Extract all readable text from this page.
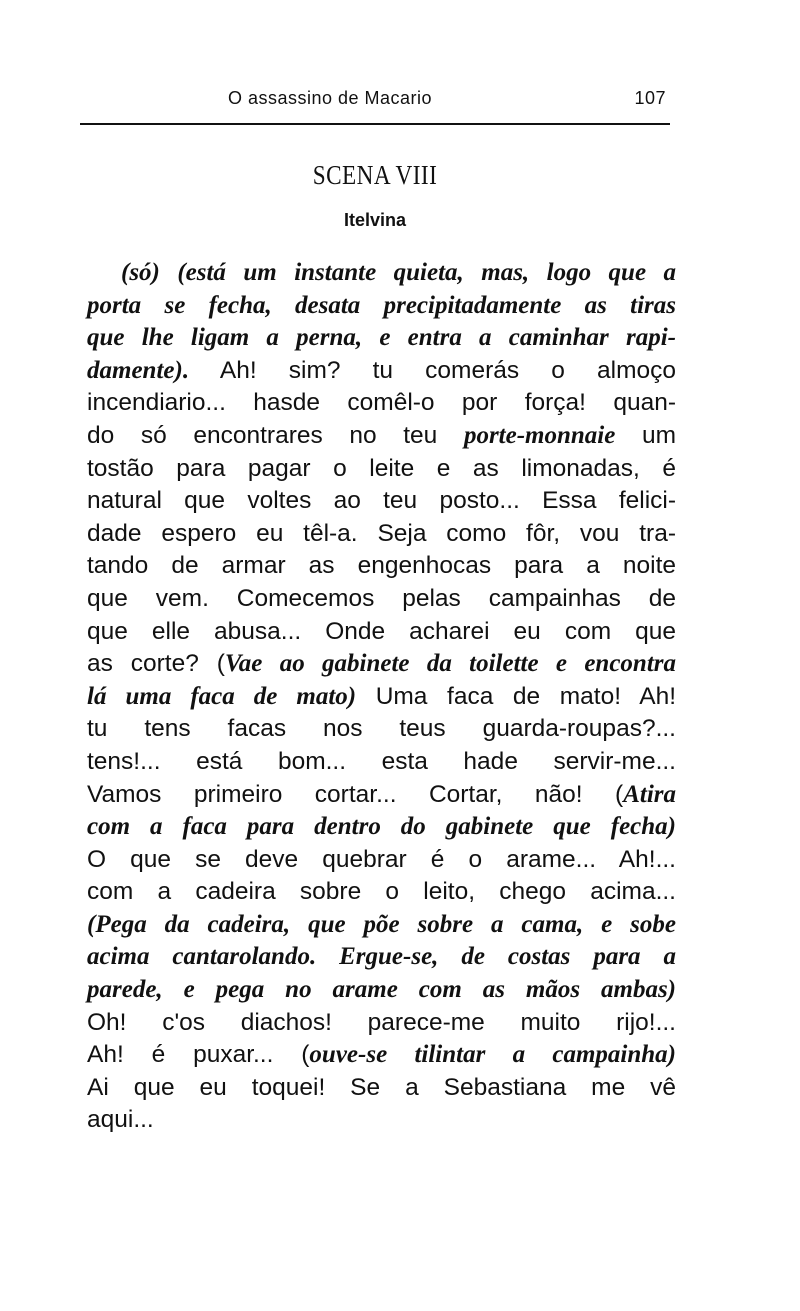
O assassino de Macario	107
SCENA VIII
Itelvina
(só) (está um instante quieta, mas, logo que a
porta se fecha, desata precipitadamente as tiras
que lhe ligam a perna, e entra a caminhar rapi-
damente). Ah! sim? tu comerás o almoço
incendiario... hasde comêl-o por força! quan-
do só encontrares no teu porte-monnaie um
tostão para pagar o leite e as limonadas, é
natural que voltes ao teu posto... Essa felici-
dade espero eu têl-a. Seja como fôr, vou tra-
tando de armar as engenhocas para a noite
que vem. Comecemos pelas campainhas de
que elle abusa... Onde acharei eu com que
as corte? (Vae ao gabinete da toilette e encontra
lá uma faca de mato) Uma faca de mato! Ah!
tu tens facas nos teus guarda-roupas?...
tens!... está bom... esta hade servir-me...
Vamos primeiro cortar... Cortar, não! (Atira
com a faca para dentro do gabinete que fecha)
O que se deve quebrar é o arame... Ah!...
com a cadeira sobre o leito, chego acima...
(Pega da cadeira, que põe sobre a cama, e sobe
acima cantarolando. Ergue-se, de costas para a
parede, e pega no arame com as mãos ambas)
Oh! c'os diachos! parece-me muito rijo!...
Ah! é puxar... (ouve-se tilintar a campainha)
Ai que eu toquei! Se a Sebastiana me vê
aqui...
